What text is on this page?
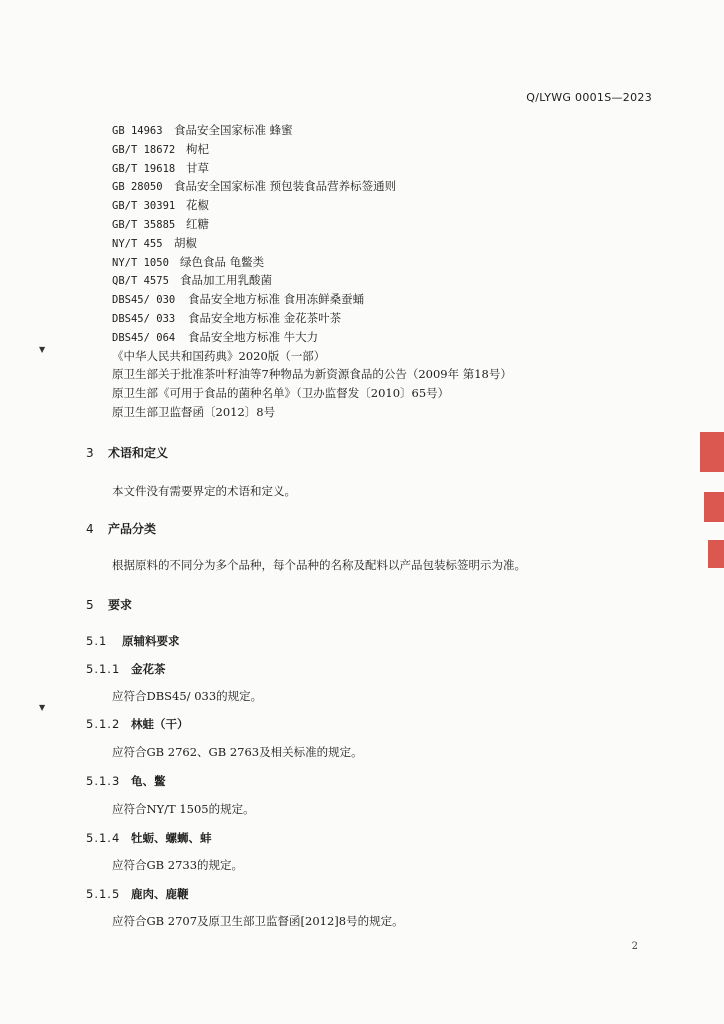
Q/LYWG 0001S—2023
GB 14963 食品安全国家标准 蜂蜜
GB/T 18672 枸杞
GB/T 19618 甘草
GB 28050 食品安全国家标准 预包装食品营养标签通则
GB/T 30391 花椒
GB/T 35885 红糖
NY/T 455 胡椒
NY/T 1050 绿色食品 龟鳖类
QB/T 4575 食品加工用乳酸菌
DBS45/ 030 食品安全地方标准 食用冻鲜桑蚕蛹
DBS45/ 033 食品安全地方标准 金花茶叶茶
DBS45/ 064 食品安全地方标准 牛大力
《中华人民共和国药典》2020版（一部）
原卫生部关于批准茶叶籽油等7种物品为新资源食品的公告（2009年 第18号）
原卫生部《可用于食品的菌种名单》（卫办监督发〔2010〕65号）
原卫生部卫监督函〔2012〕8号
3 术语和定义
本文件没有需要界定的术语和定义。
4 产品分类
根据原料的不同分为多个品种，每个品种的名称及配料以产品包装标签明示为准。
5 要求
5.1 原辅料要求
5.1.1 金花茶
应符合DBS45/ 033的规定。
5.1.2 林蛙（干）
应符合GB 2762、GB 2763及相关标准的规定。
5.1.3 龟、鳖
应符合NY/T 1505的规定。
5.1.4 牡蛎、螺蛳、蚌
应符合GB 2733的规定。
5.1.5 鹿肉、鹿鞭
应符合GB 2707及原卫生部卫监督函[2012]8号的规定。
2
▼
▼
